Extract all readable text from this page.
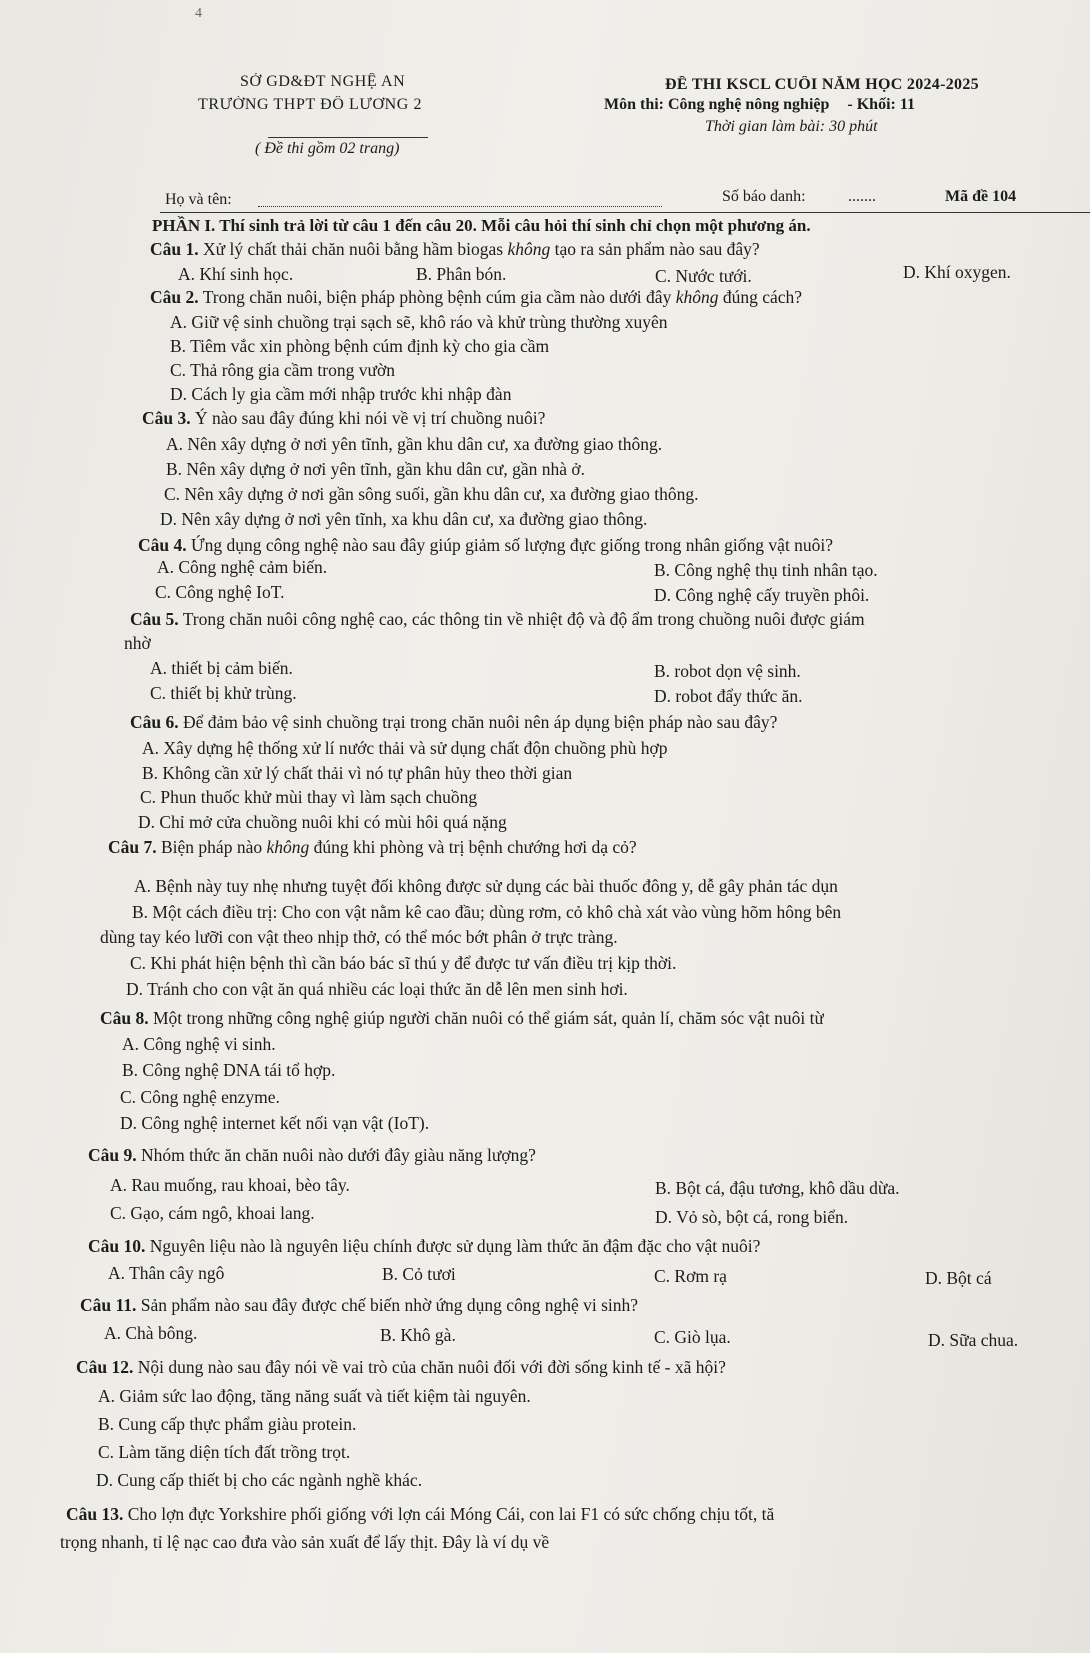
4
SỞ GD&ĐT NGHỆ AN
TRƯỜNG THPT ĐÔ LƯƠNG 2
( Đề thi gồm 02 trang)
ĐỀ THI KSCL CUỐI NĂM HỌC 2024-2025
Môn thi: Công nghệ nông nghiệp - Khối: 11
Thời gian làm bài: 30 phút
Họ và tên:	Số báo danh:	.......	Mã đề 104
PHẦN I. Thí sinh trả lời từ câu 1 đến câu 20. Mỗi câu hỏi thí sinh chỉ chọn một phương án.
Câu 1. Xử lý chất thải chăn nuôi bằng hầm biogas không tạo ra sản phẩm nào sau đây?
A. Khí sinh học.	B. Phân bón.	C. Nước tưới.	D. Khí oxygen.
Câu 2. Trong chăn nuôi, biện pháp phòng bệnh cúm gia cầm nào dưới đây không đúng cách?
A. Giữ vệ sinh chuồng trại sạch sẽ, khô ráo và khử trùng thường xuyên
B. Tiêm vắc xin phòng bệnh cúm định kỳ cho gia cầm
C. Thả rông gia cầm trong vườn
D. Cách ly gia cầm mới nhập trước khi nhập đàn
Câu 3. Ý nào sau đây đúng khi nói về vị trí chuồng nuôi?
A. Nên xây dựng ở nơi yên tĩnh, gần khu dân cư, xa đường giao thông.
B. Nên xây dựng ở nơi yên tĩnh, gần khu dân cư, gần nhà ở.
C. Nên xây dựng ở nơi gần sông suối, gần khu dân cư, xa đường giao thông.
D. Nên xây dựng ở nơi yên tĩnh, xa khu dân cư, xa đường giao thông.
Câu 4. Ứng dụng công nghệ nào sau đây giúp giảm số lượng đực giống trong nhân giống vật nuôi?
A. Công nghệ cảm biến.	B. Công nghệ thụ tinh nhân tạo.
C. Công nghệ IoT.	D. Công nghệ cấy truyền phôi.
Câu 5. Trong chăn nuôi công nghệ cao, các thông tin về nhiệt độ và độ ẩm trong chuồng nuôi được giám
nhờ
A. thiết bị cảm biến.	B. robot dọn vệ sinh.
C. thiết bị khử trùng.	D. robot đẩy thức ăn.
Câu 6. Để đảm bảo vệ sinh chuồng trại trong chăn nuôi nên áp dụng biện pháp nào sau đây?
A. Xây dựng hệ thống xử lí nước thải và sử dụng chất độn chuồng phù hợp
B. Không cần xử lý chất thải vì nó tự phân hủy theo thời gian
C. Phun thuốc khử mùi thay vì làm sạch chuồng
D. Chỉ mở cửa chuồng nuôi khi có mùi hôi quá nặng
Câu 7. Biện pháp nào không đúng khi phòng và trị bệnh chướng hơi dạ cỏ?
A. Bệnh này tuy nhẹ nhưng tuyệt đối không được sử dụng các bài thuốc đông y, dễ gây phản tác dụn
B. Một cách điều trị: Cho con vật nằm kê cao đầu; dùng rơm, cỏ khô chà xát vào vùng hõm hông bên
dùng tay kéo lưỡi con vật theo nhịp thở, có thể móc bớt phân ở trực tràng.
C. Khi phát hiện bệnh thì cần báo bác sĩ thú y để được tư vấn điều trị kịp thời.
D. Tránh cho con vật ăn quá nhiều các loại thức ăn dễ lên men sinh hơi.
Câu 8. Một trong những công nghệ giúp người chăn nuôi có thể giám sát, quản lí, chăm sóc vật nuôi từ
A. Công nghệ vi sinh.
B. Công nghệ DNA tái tổ hợp.
C. Công nghệ enzyme.
D. Công nghệ internet kết nối vạn vật (IoT).
Câu 9. Nhóm thức ăn chăn nuôi nào dưới đây giàu năng lượng?
A. Rau muống, rau khoai, bèo tây.	B. Bột cá, đậu tương, khô dầu dừa.
C. Gạo, cám ngô, khoai lang.	D. Vỏ sò, bột cá, rong biển.
Câu 10. Nguyên liệu nào là nguyên liệu chính được sử dụng làm thức ăn đậm đặc cho vật nuôi?
A. Thân cây ngô	B. Cỏ tươi	C. Rơm rạ	D. Bột cá
Câu 11. Sản phẩm nào sau đây được chế biến nhờ ứng dụng công nghệ vi sinh?
A. Chà bông.	B. Khô gà.	C. Giò lụa.	D. Sữa chua.
Câu 12. Nội dung nào sau đây nói về vai trò của chăn nuôi đối với đời sống kinh tế - xã hội?
A. Giảm sức lao động, tăng năng suất và tiết kiệm tài nguyên.
B. Cung cấp thực phẩm giàu protein.
C. Làm tăng diện tích đất trồng trọt.
D. Cung cấp thiết bị cho các ngành nghề khác.
Câu 13. Cho lợn đực Yorkshire phối giống với lợn cái Móng Cái, con lai F1 có sức chống chịu tốt, tă
trọng nhanh, tỉ lệ nạc cao đưa vào sản xuất để lấy thịt. Đây là ví dụ về
